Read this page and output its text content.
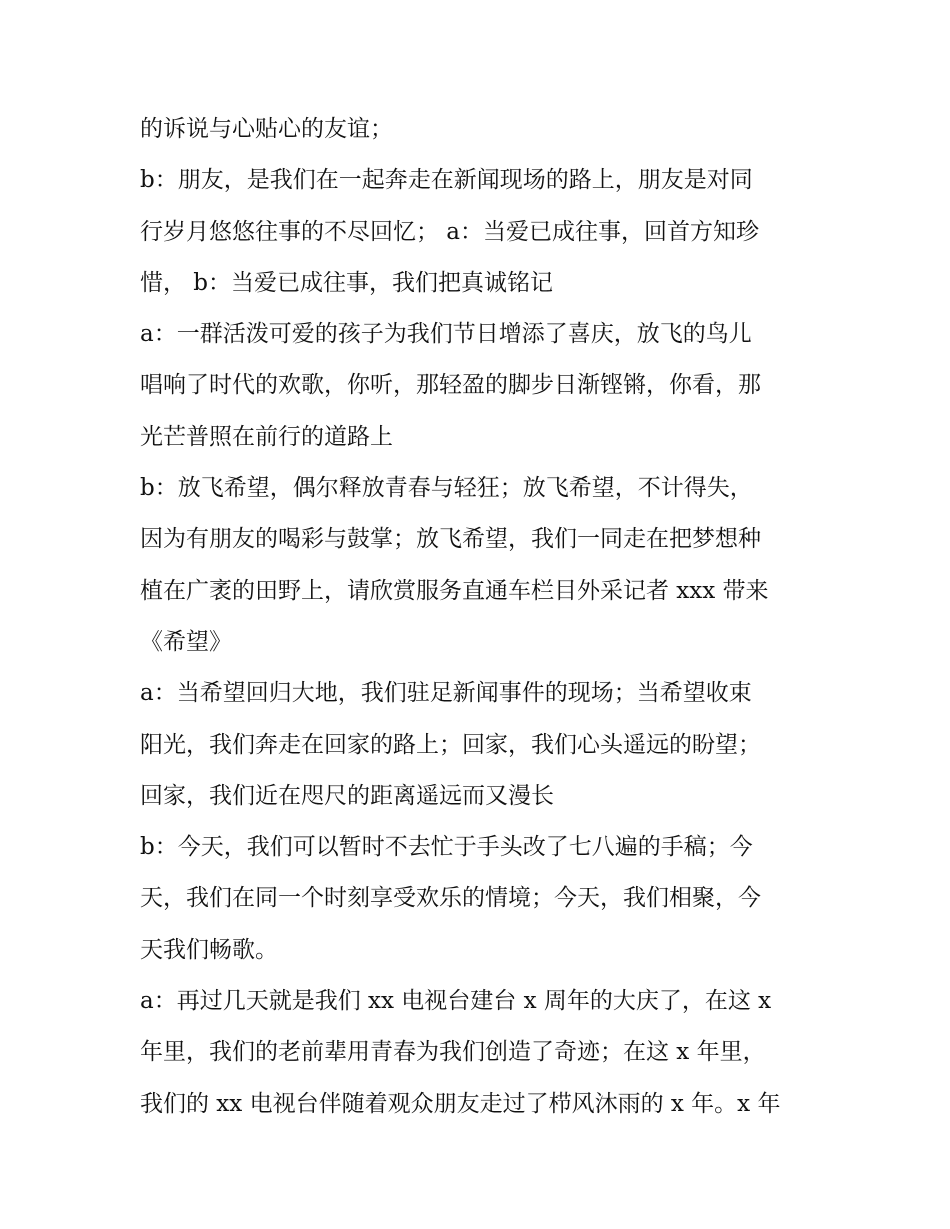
的诉说与心贴心的友谊；
b：朋友，是我们在一起奔走在新闻现场的路上，朋友是对同
行岁月悠悠往事的不尽回忆； a：当爱已成往事，回首方知珍
惜， b：当爱已成往事，我们把真诚铭记
a：一群活泼可爱的孩子为我们节日增添了喜庆，放飞的鸟儿
唱响了时代的欢歌，你听，那轻盈的脚步日渐铿锵，你看，那
光芒普照在前行的道路上
b：放飞希望，偶尔释放青春与轻狂；放飞希望，不计得失，
因为有朋友的喝彩与鼓掌；放飞希望，我们一同走在把梦想种
植在广袤的田野上，请欣赏服务直通车栏目外采记者 xxx 带来
《希望》
a：当希望回归大地，我们驻足新闻事件的现场；当希望收束
阳光，我们奔走在回家的路上；回家，我们心头遥远的盼望；
回家，我们近在咫尺的距离遥远而又漫长
b：今天，我们可以暂时不去忙于手头改了七八遍的手稿；今
天，我们在同一个时刻享受欢乐的情境；今天，我们相聚，今
天我们畅歌。
a：再过几天就是我们 xx 电视台建台 x 周年的大庆了，在这 x
年里，我们的老前辈用青春为我们创造了奇迹；在这 x 年里，
我们的 xx 电视台伴随着观众朋友走过了栉风沐雨的 x 年。x 年
